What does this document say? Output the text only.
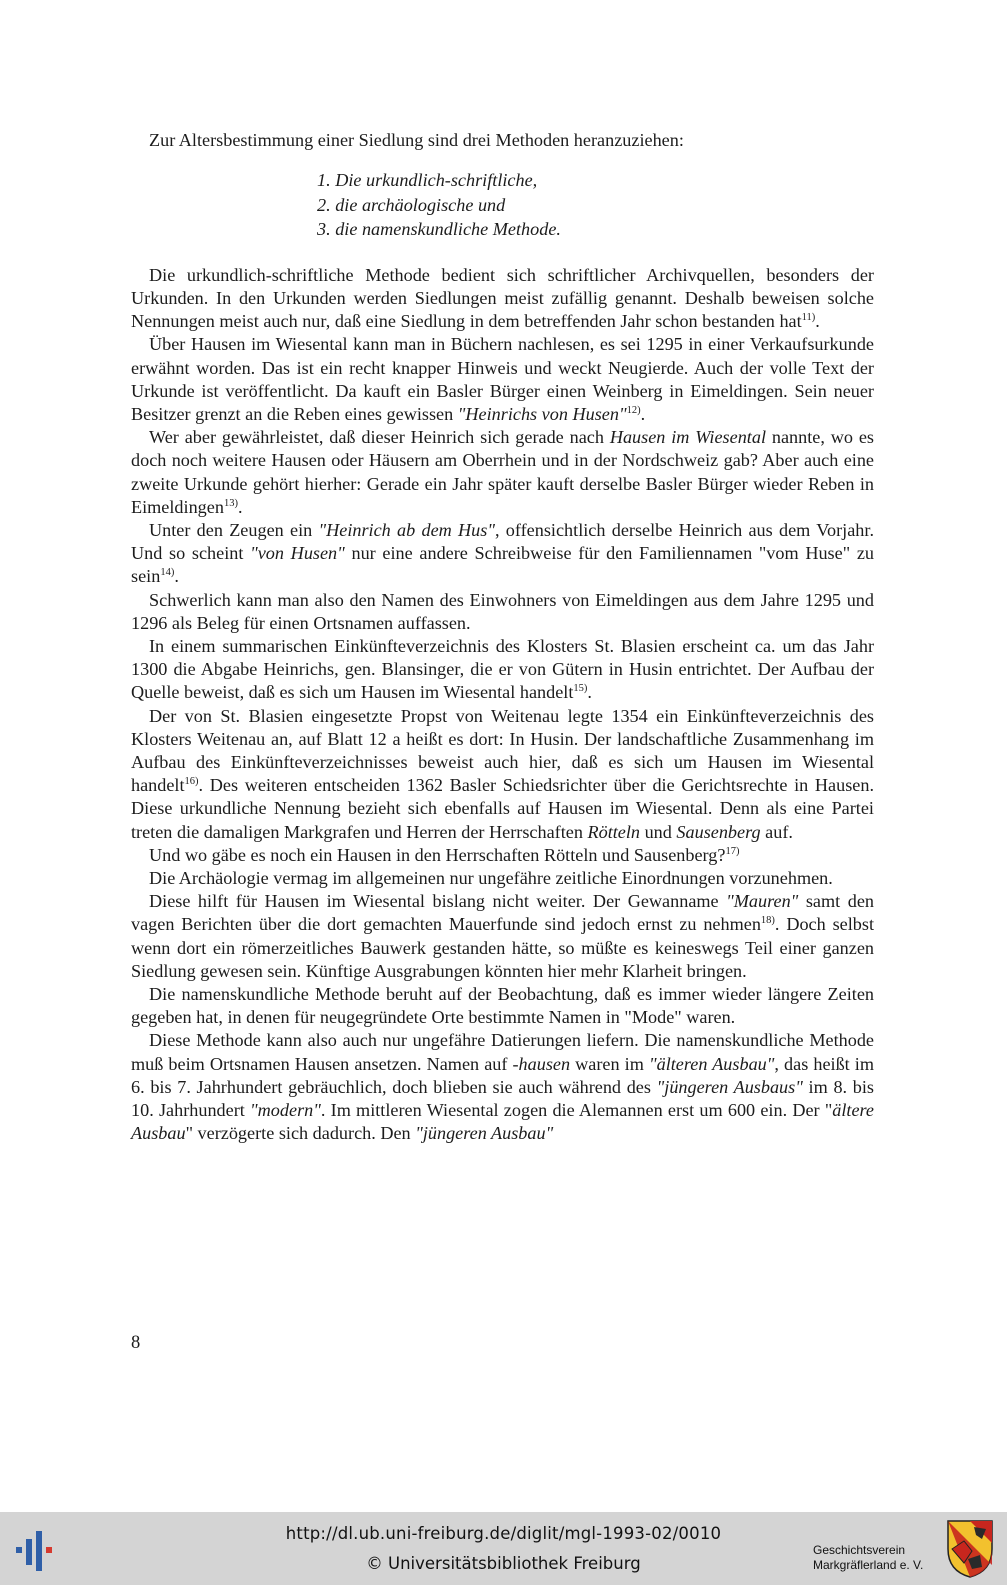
Zur Altersbestimmung einer Siedlung sind drei Methoden heranzuziehen:

1. Die urkundlich-schriftliche,
2. die archäologische und
3. die namenskundliche Methode.

Die urkundlich-schriftliche Methode bedient sich schriftlicher Archivquellen, besonders der Urkunden. In den Urkunden werden Siedlungen meist zufällig genannt. Deshalb beweisen solche Nennungen meist auch nur, daß eine Siedlung in dem betreffenden Jahr schon bestanden hat$^{11)}$.

Über Hausen im Wiesental kann man in Büchern nachlesen, es sei 1295 in einer Verkaufsurkunde erwähnt worden. Das ist ein recht knapper Hinweis und weckt Neugierde. Auch der volle Text der Urkunde ist veröffentlicht. Da kauft ein Basler Bürger einen Weinberg in Eimeldingen. Sein neuer Besitzer grenzt an die Reben eines gewissen "Heinrichs von Husen"$^{12)}$.

Wer aber gewährleistet, daß dieser Heinrich sich gerade nach Hausen im Wiesental nannte, wo es doch noch weitere Hausen oder Häusern am Oberrhein und in der Nordschweiz gab? Aber auch eine zweite Urkunde gehört hierher: Gerade ein Jahr später kauft derselbe Basler Bürger wieder Reben in Eimeldingen$^{13)}$.

Unter den Zeugen ein "Heinrich ab dem Hus", offensichtlich derselbe Heinrich aus dem Vorjahr. Und so scheint "von Husen" nur eine andere Schreibweise für den Familiennamen "vom Huse" zu sein$^{14)}$.

Schwerlich kann man also den Namen des Einwohners von Eimeldingen aus dem Jahre 1295 und 1296 als Beleg für einen Ortsnamen auffassen.

In einem summarischen Einkünfteverzeichnis des Klosters St. Blasien erscheint ca. um das Jahr 1300 die Abgabe Heinrichs, gen. Blansinger, die er von Gütern in Husin entrichtet. Der Aufbau der Quelle beweist, daß es sich um Hausen im Wiesental handelt$^{15)}$.

Der von St. Blasien eingesetzte Propst von Weitenau legte 1354 ein Einkünfteverzeichnis des Klosters Weitenau an, auf Blatt 12 a heißt es dort: In Husin. Der landschaftliche Zusammenhang im Aufbau des Einkünfteverzeichnisses beweist auch hier, daß es sich um Hausen im Wiesental handelt$^{16)}$. Des weiteren entscheiden 1362 Basler Schiedsrichter über die Gerichtsrechte in Hausen. Diese urkundliche Nennung bezieht sich ebenfalls auf Hausen im Wiesental. Denn als eine Partei treten die damaligen Markgrafen und Herren der Herrschaften Rötteln und Sausenberg auf.

Und wo gäbe es noch ein Hausen in den Herrschaften Rötteln und Sausenberg?$^{17)}$

Die Archäologie vermag im allgemeinen nur ungefähre zeitliche Einordnungen vorzunehmen.

Diese hilft für Hausen im Wiesental bislang nicht weiter. Der Gewanname "Mauren" samt den vagen Berichten über die dort gemachten Mauerfunde sind jedoch ernst zu nehmen$^{18)}$. Doch selbst wenn dort ein römerzeitliches Bauwerk gestanden hätte, so müßte es keineswegs Teil einer ganzen Siedlung gewesen sein. Künftige Ausgrabungen könnten hier mehr Klarheit bringen.

Die namenskundliche Methode beruht auf der Beobachtung, daß es immer wieder längere Zeiten gegeben hat, in denen für neugegründete Orte bestimmte Namen in "Mode" waren.

Diese Methode kann also auch nur ungefähre Datierungen liefern. Die namenskundliche Methode muß beim Ortsnamen Hausen ansetzen. Namen auf -hausen waren im "älteren Ausbau", das heißt im 6. bis 7. Jahrhundert gebräuchlich, doch blieben sie auch während des "jüngeren Ausbaus" im 8. bis 10. Jahrhundert "modern". Im mittleren Wiesental zogen die Alemannen erst um 600 ein. Der "ältere Ausbau" verzögerte sich dadurch. Den "jüngeren Ausbau"

8
http://dl.ub.uni-freiburg.de/diglit/mgl-1993-02/0010
© Universitätsbibliothek Freiburg
Geschichtsverein
Markgräflerland e. V.
